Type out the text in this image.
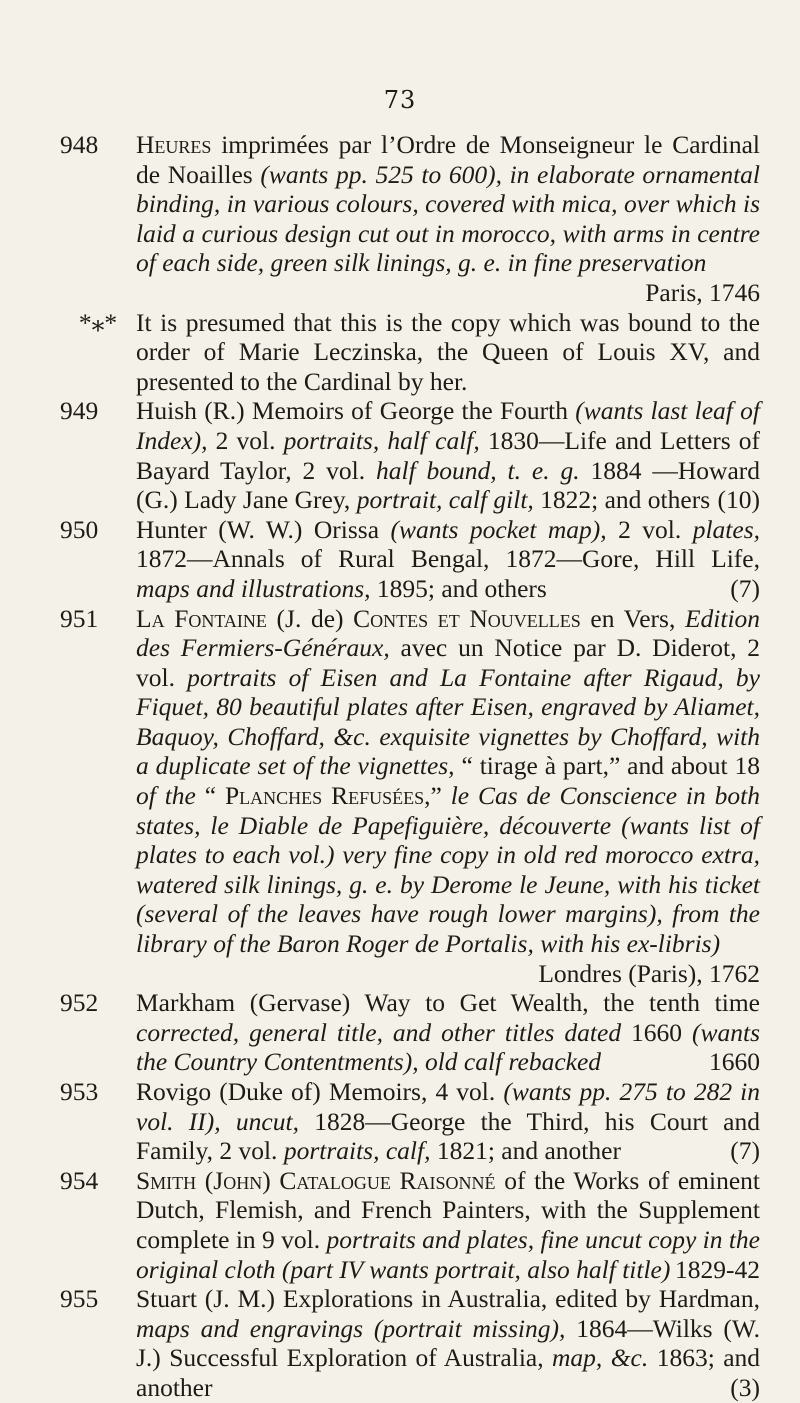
73
948	Heures imprimées par l’Ordre de Monseigneur le Cardinal de Noailles (wants pp. 525 to 600), in elaborate ornamental binding, in various colours, covered with mica, over which is laid a curious design cut out in morocco, with arms in centre of each side, green silk linings, g. e. in fine preservation
Paris, 1746
*⁎* It is presumed that this is the copy which was bound to the order of Marie Leczinska, the Queen of Louis XV, and presented to the Cardinal by her.
949	Huish (R.) Memoirs of George the Fourth (wants last leaf of Index), 2 vol. portraits, half calf, 1830—Life and Letters of Bayard Taylor, 2 vol. half bound, t. e. g. 1884 —Howard (G.) Lady Jane Grey, portrait, calf gilt, 1822; and others (10)
950	Hunter (W. W.) Orissa (wants pocket map), 2 vol. plates, 1872—Annals of Rural Bengal, 1872—Gore, Hill Life, maps and illustrations, 1895; and others	(7)
951	La Fontaine (J. de) Contes et Nouvelles en Vers, Edition des Fermiers-Généraux, avec un Notice par D. Diderot, 2 vol. portraits of Eisen and La Fontaine after Rigaud, by Fiquet, 80 beautiful plates after Eisen, engraved by Aliamet, Baquoy, Choffard, &c. exquisite vignettes by Choffard, with a duplicate set of the vignettes, “ tirage à part,” and about 18 of the “ Planches Refusées,” le Cas de Conscience in both states, le Diable de Papefiguière, découverte (wants list of plates to each vol.) very fine copy in old red morocco extra, watered silk linings, g. e. by Derome le Jeune, with his ticket (several of the leaves have rough lower margins), from the library of the Baron Roger de Portalis, with his ex-libris)
Londres (Paris), 1762
952	Markham (Gervase) Way to Get Wealth, the tenth time corrected, general title, and other titles dated 1660 (wants the Country Contentments), old calf rebacked	1660
953	Rovigo (Duke of) Memoirs, 4 vol. (wants pp. 275 to 282 in vol. II), uncut, 1828—George the Third, his Court and Family, 2 vol. portraits, calf, 1821; and another	(7)
954	Smith (John) Catalogue Raisonné of the Works of eminent Dutch, Flemish, and French Painters, with the Supplement complete in 9 vol. portraits and plates, fine uncut copy in the original cloth (part IV wants portrait, also half title) 1829-42
955	Stuart (J. M.) Explorations in Australia, edited by Hardman, maps and engravings (portrait missing), 1864—Wilks (W. J.) Successful Exploration of Australia, map, &c. 1863; and another	(3)
